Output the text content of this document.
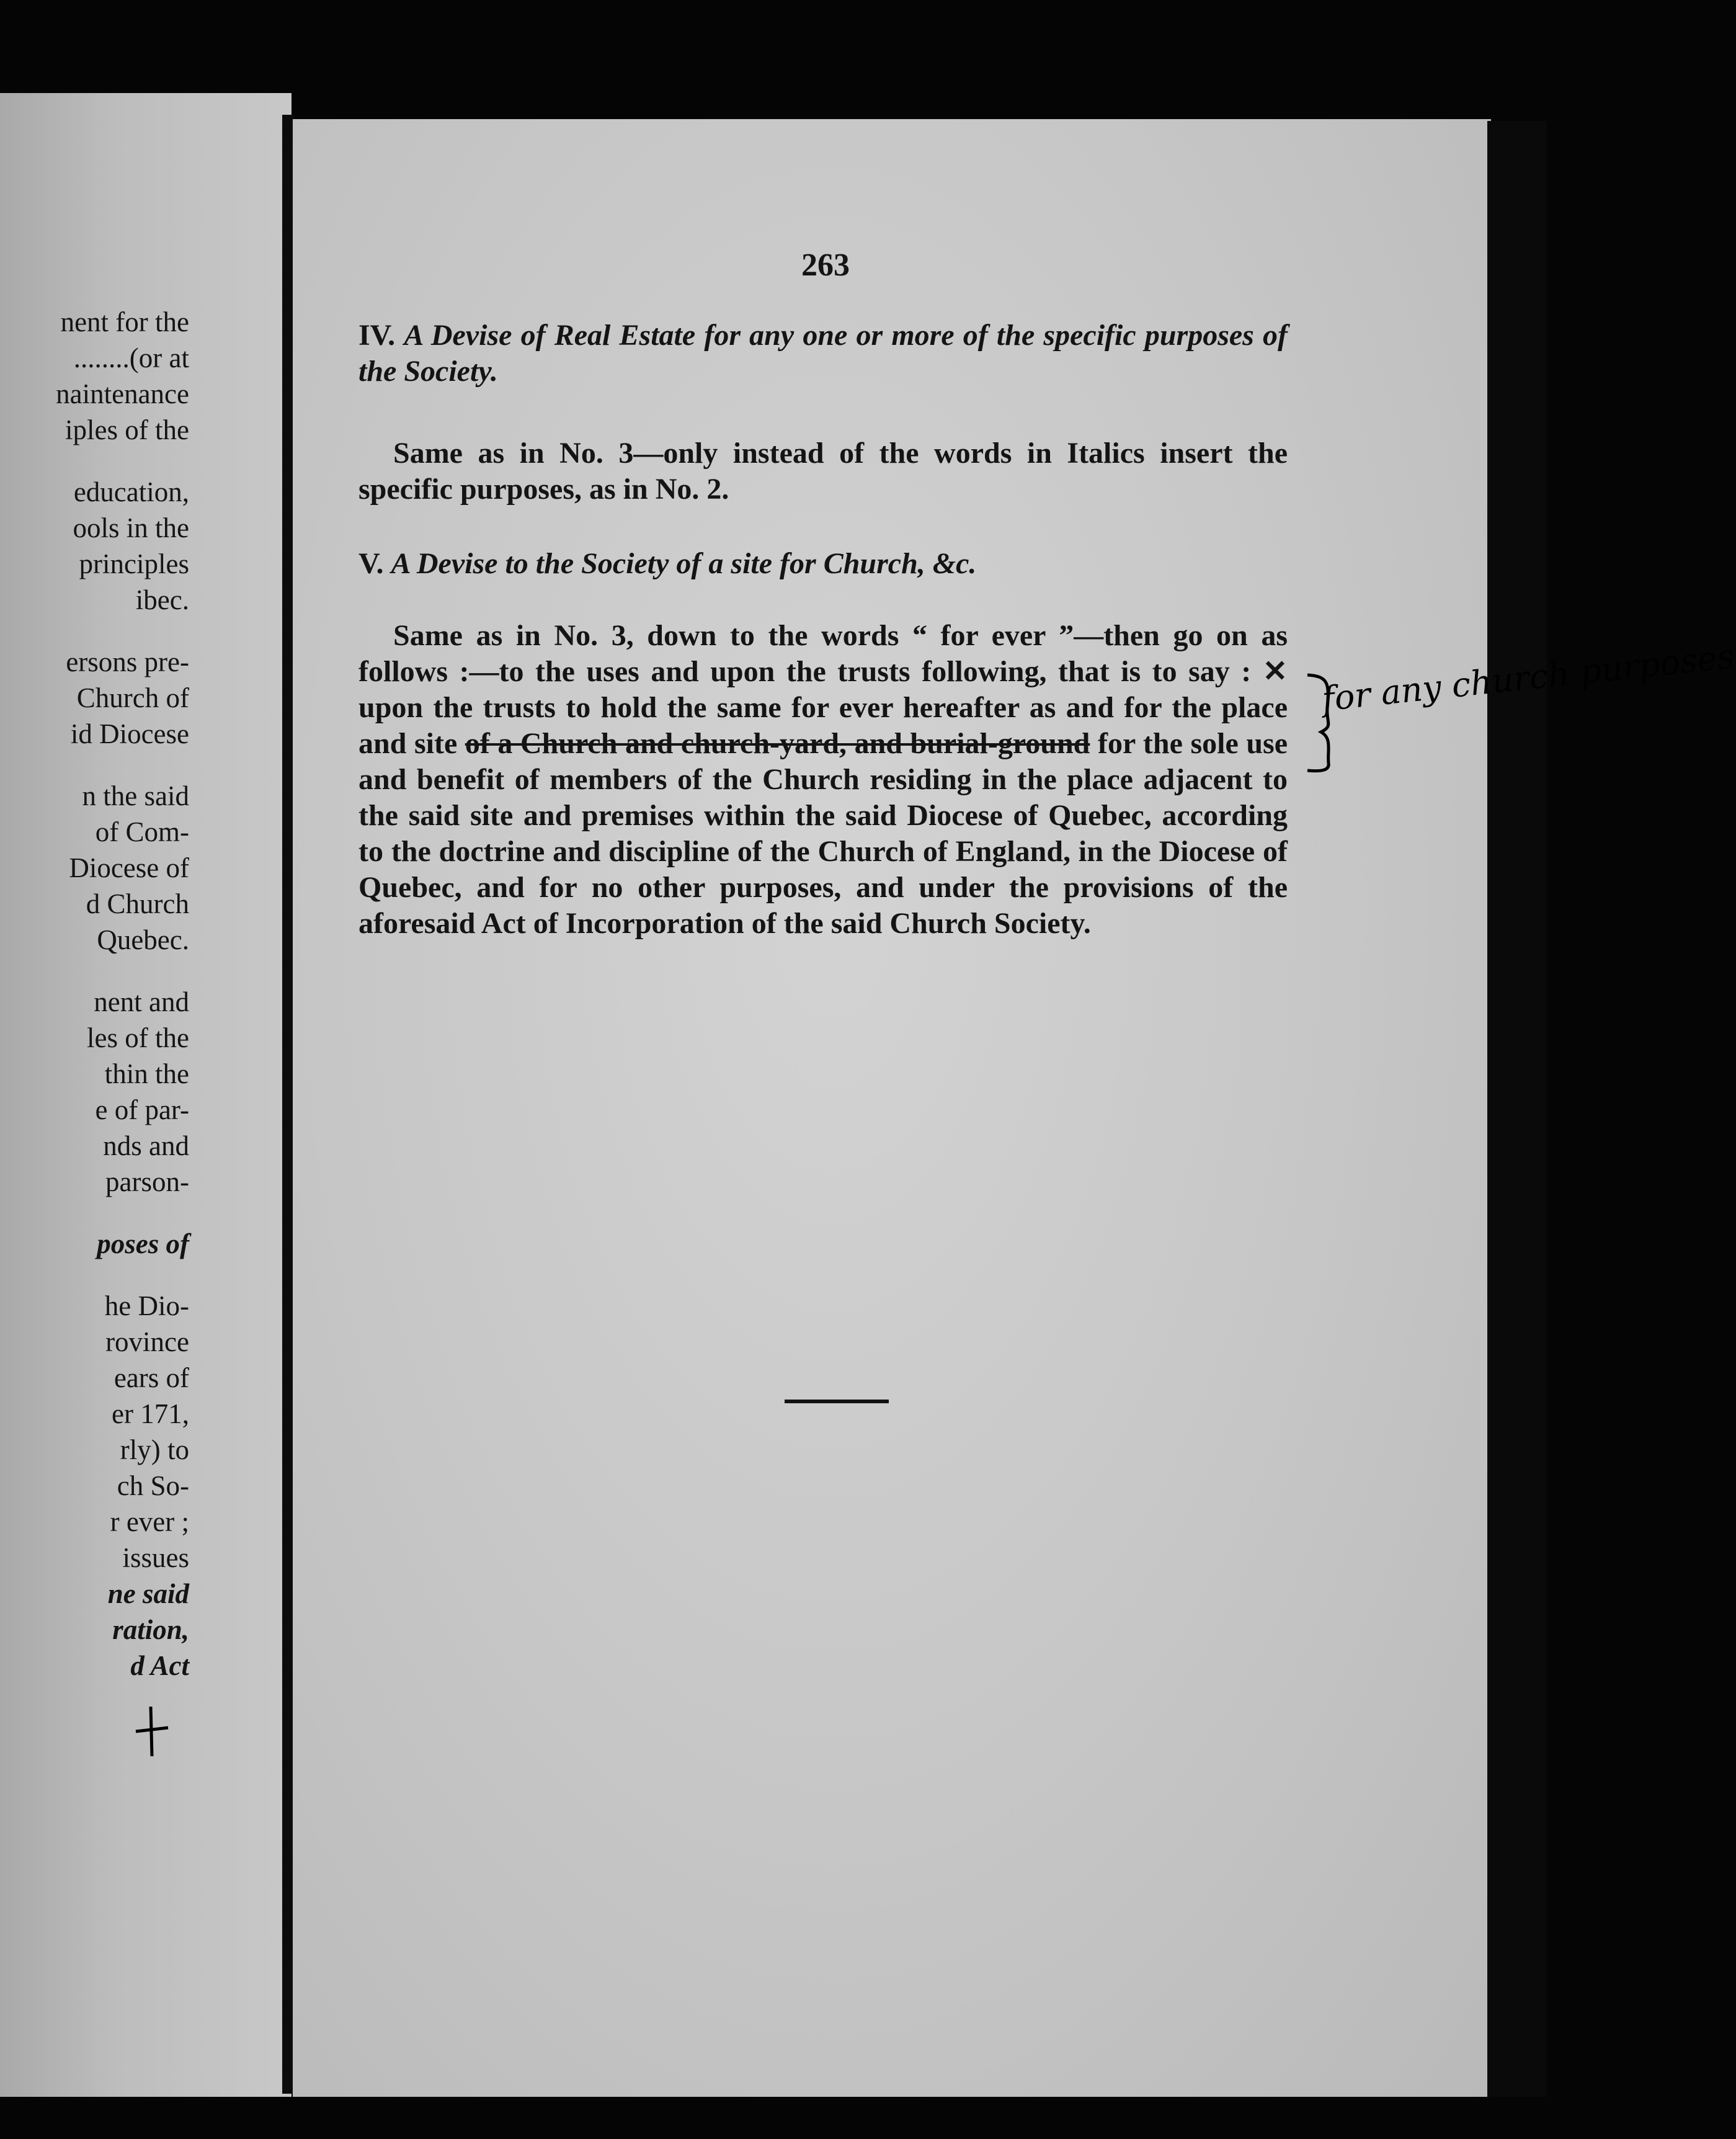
nent for the
........(or at
naintenance
iples of the
education,
ools in the
principles
ibec.
ersons pre-
Church of
id Diocese
n the said
of Com-
Diocese of
d Church
Quebec.
nent and
les of the
thin the
e of par-
nds and
parson-
poses of
he Dio-
rovince
ears of
er 171,
rly) to
ch So-
r ever ;
issues
ne said
ration,
d Act
263
IV. A Devise of Real Estate for any one or more of the specific purposes of the Society.
Same as in No. 3—only instead of the words in Italics insert the specific purposes, as in No. 2.
V. A Devise to the Society of a site for Church, &c.
Same as in No. 3, down to the words “ for ever ”—then go on as follows :—to the uses and upon the trusts following, that is to say : ✕ upon the trusts to hold the same for ever hereafter as and for the place and site of a Church and church-yard, and burial-ground for the sole use and benefit of members of the Church residing in the place adjacent to the said site and premises within the said Diocese of Quebec, according to the doctrine and discipline of the Church of England, in the Diocese of Quebec, and for no other purposes, and under the provisions of the aforesaid Act of Incorporation of the said Church Society.
for any church purposes
